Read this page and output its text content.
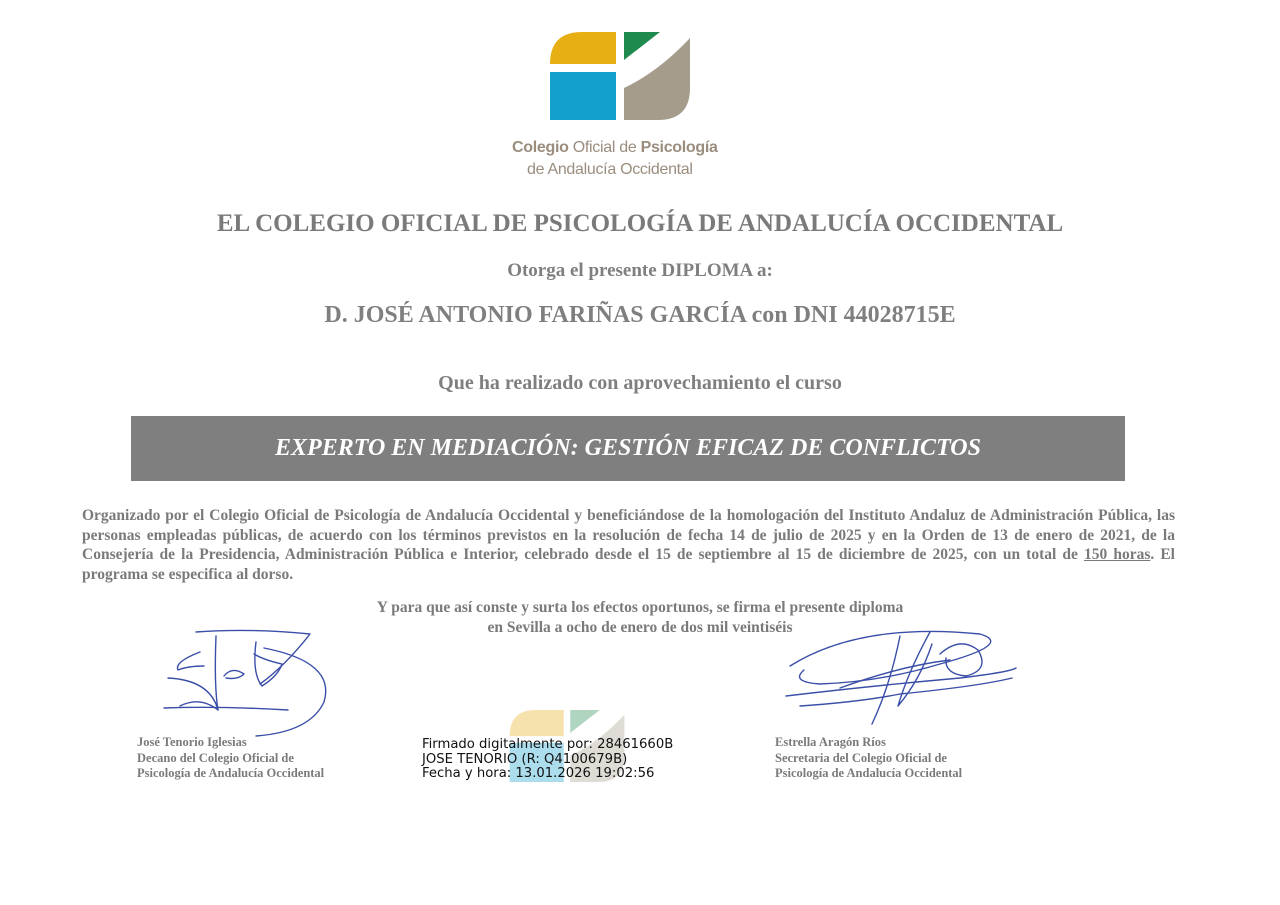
Colegio Oficial de Psicología
de Andalucía Occidental
EL COLEGIO OFICIAL DE PSICOLOGÍA DE ANDALUCÍA OCCIDENTAL
Otorga el presente DIPLOMA a:
D. JOSÉ ANTONIO FARIÑAS GARCÍA con DNI 44028715E
Que ha realizado con aprovechamiento el curso
EXPERTO EN MEDIACIÓN: GESTIÓN EFICAZ DE CONFLICTOS
Organizado por el Colegio Oficial de Psicología de Andalucía Occidental y beneficiándose de la homologación del Instituto Andaluz de Administración Pública, las personas empleadas públicas, de acuerdo con los términos previstos en la resolución de fecha 14 de julio de 2025 y en la Orden de 13 de enero de 2021, de la Consejería de la Presidencia, Administración Pública e Interior, celebrado desde el 15 de septiembre al 15 de diciembre de 2025, con un total de 150 horas. El programa se especifica al dorso.
Y para que así conste y surta los efectos oportunos, se firma el presente diploma
en Sevilla a ocho de enero de dos mil veintiséis
José Tenorio Iglesias
Decano del Colegio Oficial de
Psicología de Andalucía Occidental
Firmado digitalmente por: 28461660B
JOSE TENORIO (R: Q4100679B)
Fecha y hora: 13.01.2026 19:02:56
Estrella Aragón Ríos
Secretaria del Colegio Oficial de
Psicología de Andalucía Occidental
